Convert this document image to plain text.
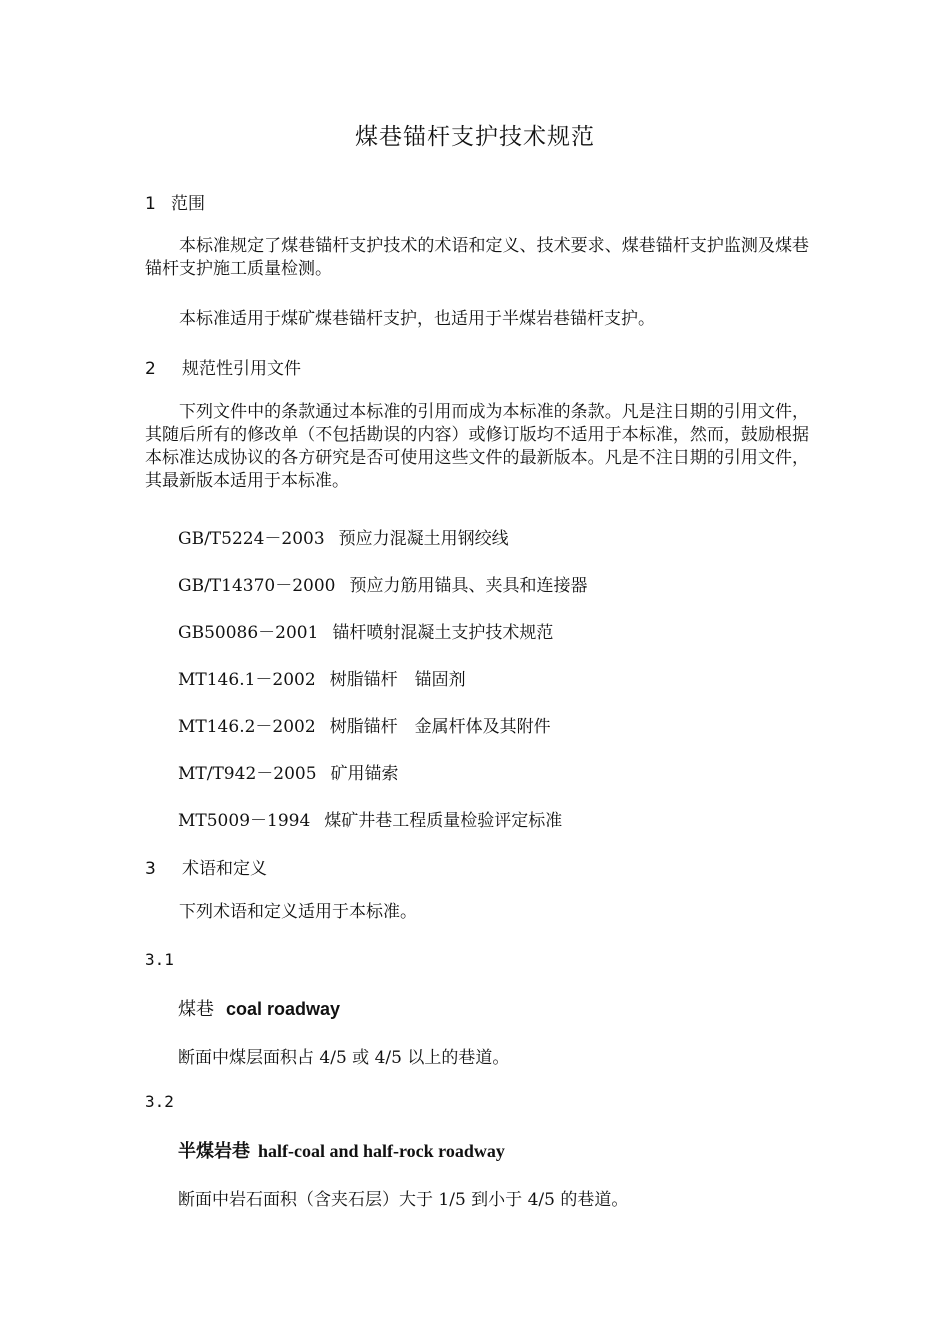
煤巷锚杆支护技术规范
1 范围
本标准规定了煤巷锚杆支护技术的术语和定义、技术要求、煤巷锚杆支护监测及煤巷锚杆支护施工质量检测。
本标准适用于煤矿煤巷锚杆支护，也适用于半煤岩巷锚杆支护。
2 规范性引用文件
下列文件中的条款通过本标准的引用而成为本标准的条款。凡是注日期的引用文件，其随后所有的修改单（不包括勘误的内容）或修订版均不适用于本标准，然而，鼓励根据本标准达成协议的各方研究是否可使用这些文件的最新版本。凡是不注日期的引用文件，其最新版本适用于本标准。
GB/T5224－2003 预应力混凝土用钢绞线
GB/T14370－2000 预应力筋用锚具、夹具和连接器
GB50086－2001 锚杆喷射混凝土支护技术规范
MT146.1－2002 树脂锚杆　锚固剂
MT146.2－2002 树脂锚杆　金属杆体及其附件
MT/T942－2005 矿用锚索
MT5009－1994 煤矿井巷工程质量检验评定标准
3 术语和定义
下列术语和定义适用于本标准。
3.1
煤巷 coal roadway
断面中煤层面积占 4/5 或 4/5 以上的巷道。
3.2
半煤岩巷 half-coal and half-rock roadway
断面中岩石面积（含夹石层）大于 1/5 到小于 4/5 的巷道。
